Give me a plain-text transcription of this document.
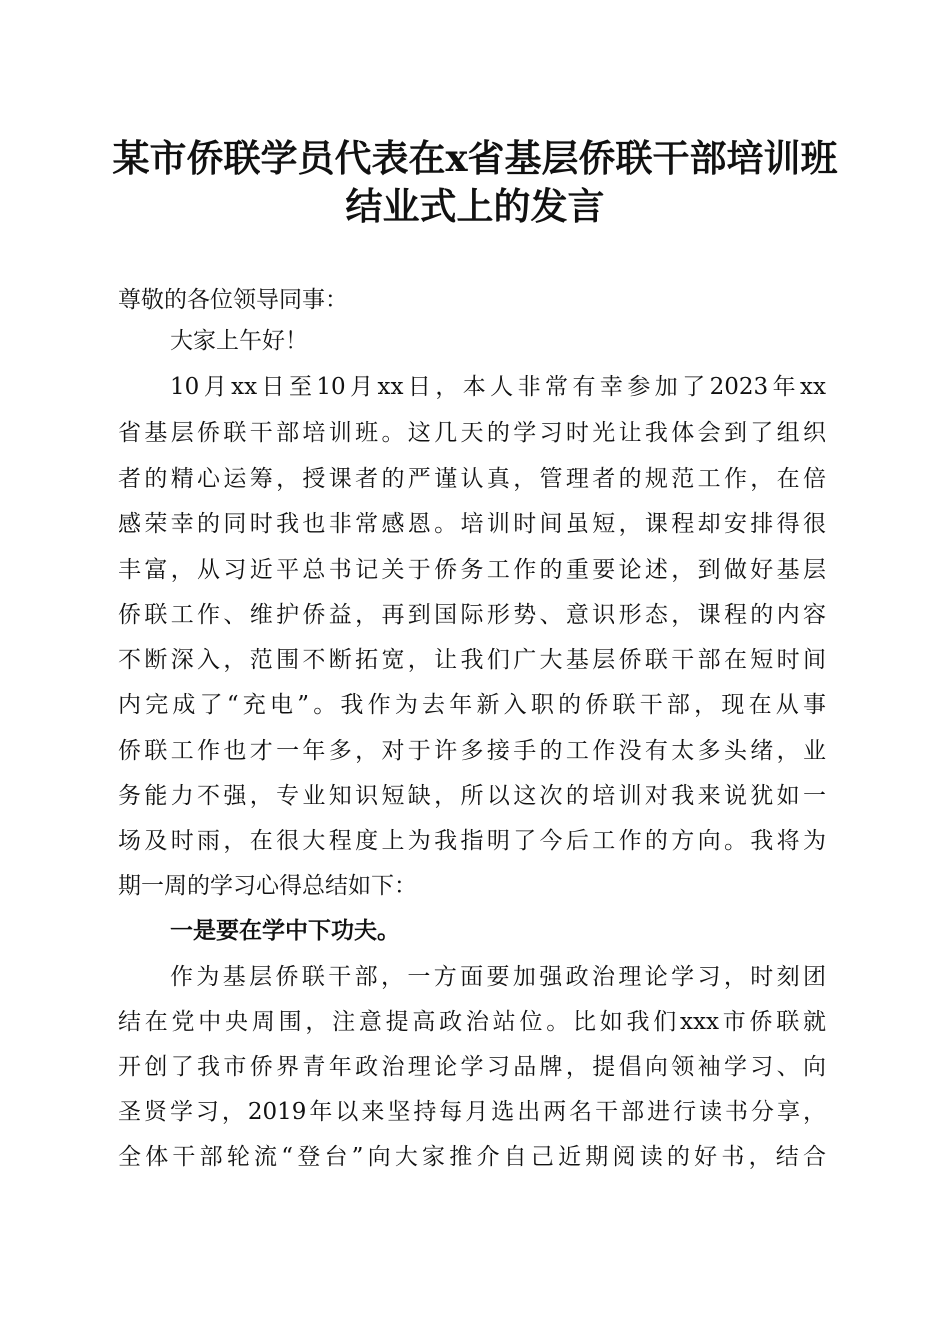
某市侨联学员代表在x省基层侨联干部培训班
结业式上的发言

尊敬的各位领导同事：

大家上午好！

10月xx日至10月xx日，本人非常有幸参加了2023年xx

省基层侨联干部培训班。这几天的学习时光让我体会到了组织

者的精心运筹，授课者的严谨认真，管理者的规范工作，在倍

感荣幸的同时我也非常感恩。培训时间虽短，课程却安排得很

丰富，从习近平总书记关于侨务工作的重要论述，到做好基层

侨联工作、维护侨益，再到国际形势、意识形态，课程的内容

不断深入，范围不断拓宽，让我们广大基层侨联干部在短时间

内完成了“充电”。我作为去年新入职的侨联干部，现在从事

侨联工作也才一年多，对于许多接手的工作没有太多头绪，业

务能力不强，专业知识短缺，所以这次的培训对我来说犹如一

场及时雨，在很大程度上为我指明了今后工作的方向。我将为

期一周的学习心得总结如下：

一是要在学中下功夫。

作为基层侨联干部，一方面要加强政治理论学习，时刻团

结在党中央周围，注意提高政治站位。比如我们xxx市侨联就

开创了我市侨界青年政治理论学习品牌，提倡向领袖学习、向

圣贤学习，2019年以来坚持每月选出两名干部进行读书分享，

全体干部轮流“登台”向大家推介自己近期阅读的好书，结合
